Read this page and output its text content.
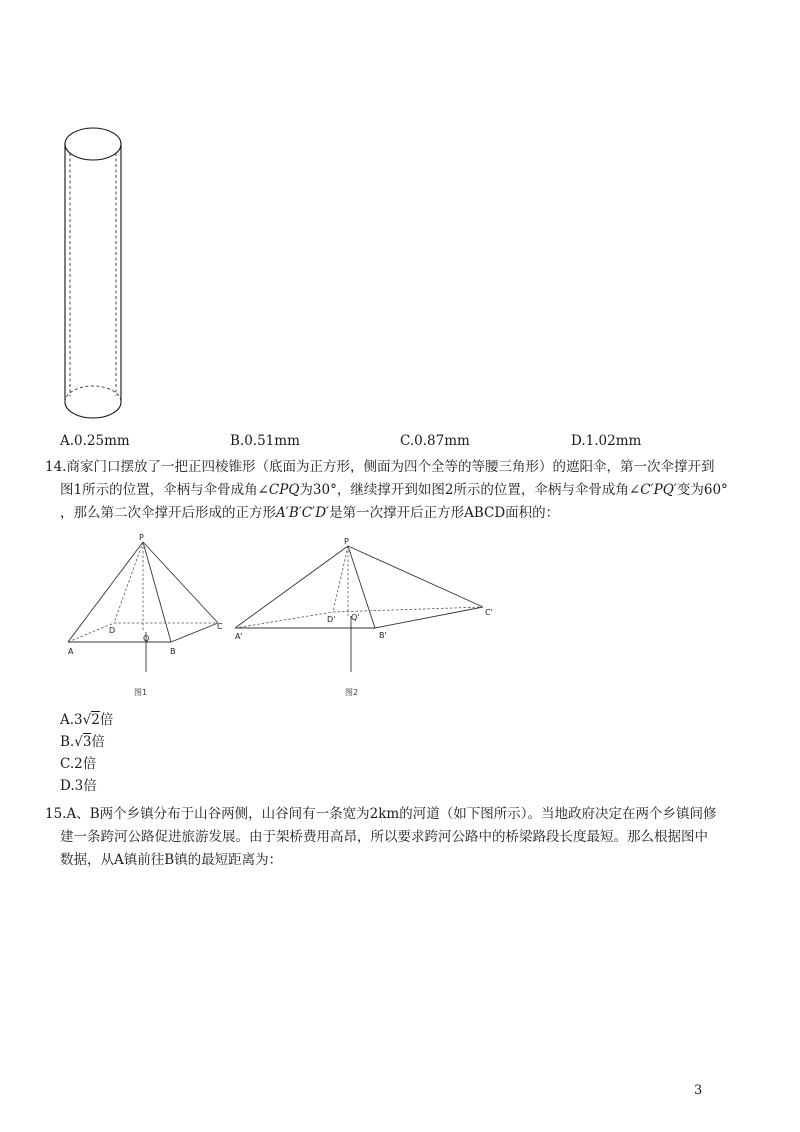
A.0.25mm	B.0.51mm	C.0.87mm	D.1.02mm
14.商家门口摆放了一把正四棱锥形（底面为正方形，侧面为四个全等的等腰三角形）的遮阳伞，第一次伞撑开到
图1所示的位置，伞柄与伞骨成角∠CPQ为30°，继续撑开到如图2所示的位置，伞柄与伞骨成角∠C′PQ′变为60°
，那么第二次伞撑开后形成的正方形A′B′C′D′是第一次撑开后正方形ABCD面积的：
P
D
Q
C
A	B
图1
P
D' Q'
C'
A'	B'
图2
A.3√2倍
B.√3倍
C.2倍
D.3倍
15.A、B两个乡镇分布于山谷两侧，山谷间有一条宽为2km的河道（如下图所示）。当地政府决定在两个乡镇间修
建一条跨河公路促进旅游发展。由于架桥费用高昂，所以要求跨河公路中的桥梁路段长度最短。那么根据图中
数据，从A镇前往B镇的最短距离为：
3
